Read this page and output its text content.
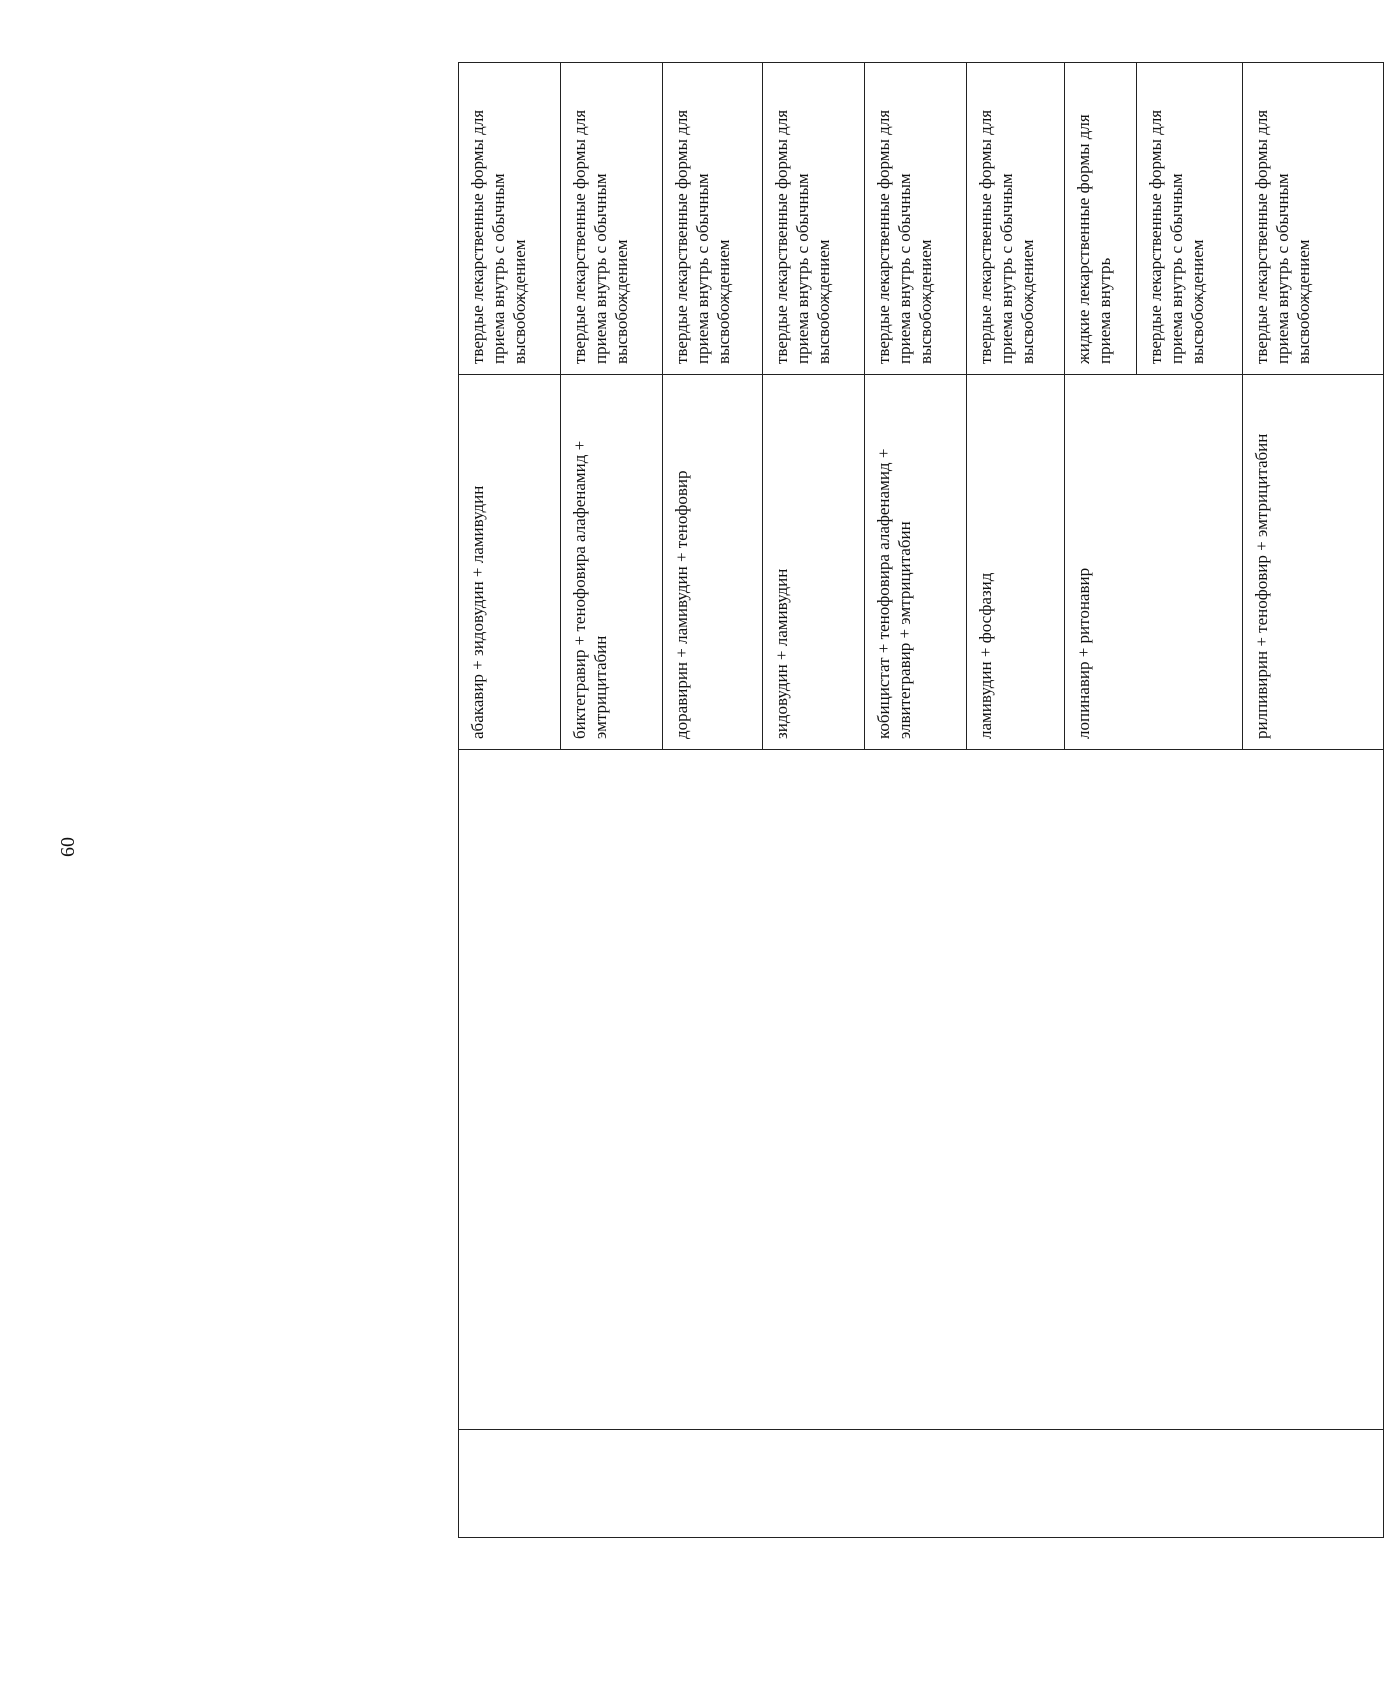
60
		абакавир + зидовудин + ламивудин	твердые лекарственные формы для приема внутрь с обычным высвобождением
		биктегравир + тенофовира алафенамид + эмтрицитабин	твердые лекарственные формы для приема внутрь с обычным высвобождением
		доравирин + ламивудин + тенофовир	твердые лекарственные формы для приема внутрь с обычным высвобождением
		зидовудин + ламивудин	твердые лекарственные формы для приема внутрь с обычным высвобождением
		кобицистат + тенофовира алафенамид + элвитегравир + эмтрицитабин	твердые лекарственные формы для приема внутрь с обычным высвобождением
		ламивудин + фосфазид	твердые лекарственные формы для приема внутрь с обычным высвобождением
		лопинавир + ритонавир	жидкие лекарственные формы для приема внутрь
			твердые лекарственные формы для приема внутрь с обычным высвобождением
		рилпивирин + тенофовир + эмтрицитабин	твердые лекарственные формы для приема внутрь с обычным высвобождением
